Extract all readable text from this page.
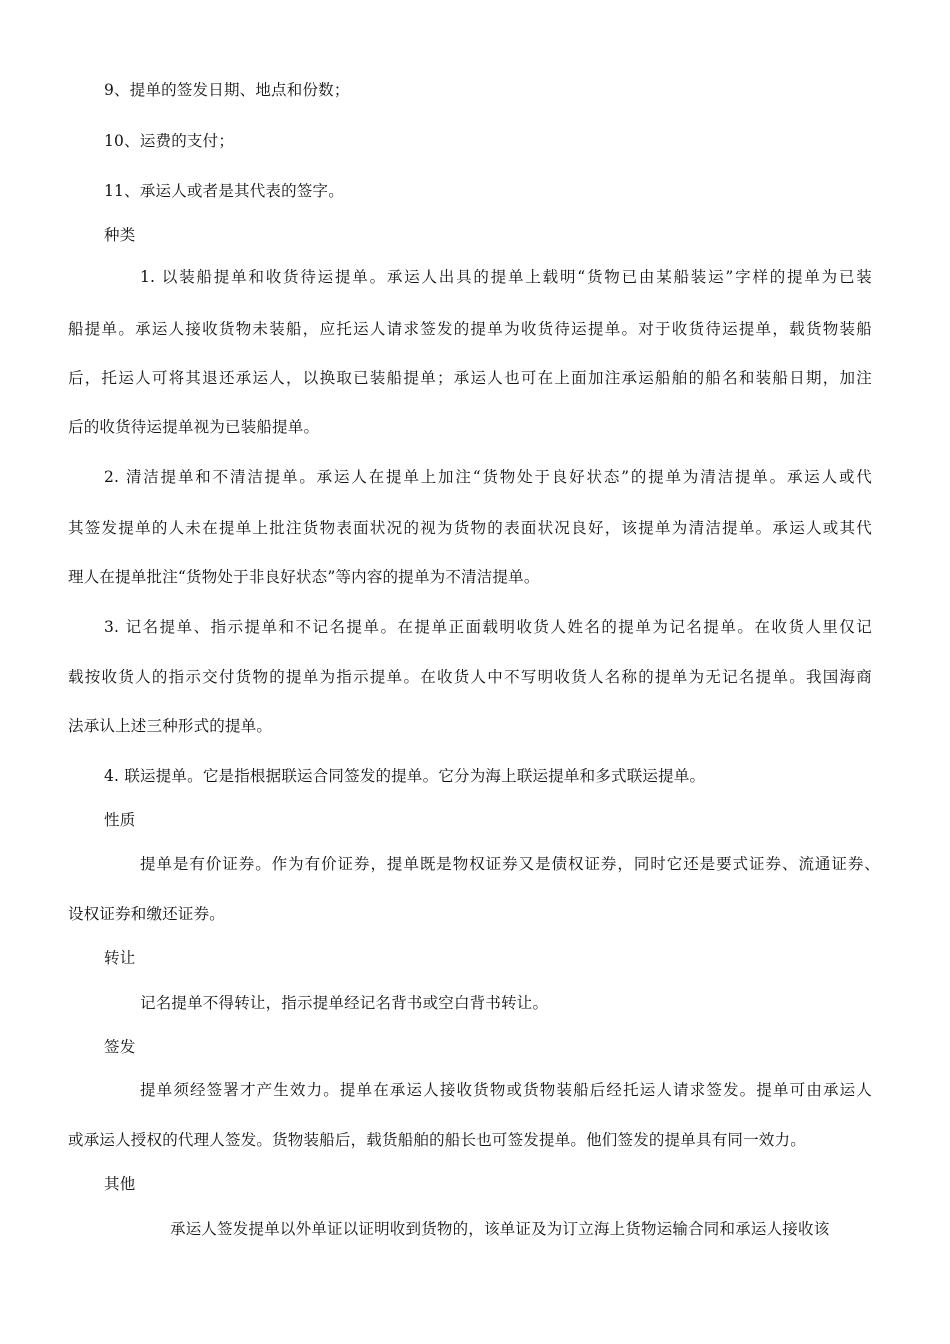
9、提单的签发日期、地点和份数；
10、运费的支付；
11、承运人或者是其代表的签字。
种类
1. 以装船提单和收货待运提单。承运人出具的提单上载明“货物已由某船装运”字样的提单为已装
船提单。承运人接收货物未装船，应托运人请求签发的提单为收货待运提单。对于收货待运提单，载货物装船
后，托运人可将其退还承运人，以换取已装船提单；承运人也可在上面加注承运船舶的船名和装船日期，加注
后的收货待运提单视为已装船提单。
2. 清洁提单和不清洁提单。承运人在提单上加注“货物处于良好状态”的提单为清洁提单。承运人或代
其签发提单的人未在提单上批注货物表面状况的视为货物的表面状况良好，该提单为清洁提单。承运人或其代
理人在提单批注“货物处于非良好状态”等内容的提单为不清洁提单。
3. 记名提单、指示提单和不记名提单。在提单正面载明收货人姓名的提单为记名提单。在收货人里仅记
载按收货人的指示交付货物的提单为指示提单。在收货人中不写明收货人名称的提单为无记名提单。我国海商
法承认上述三种形式的提单。
4. 联运提单。它是指根据联运合同签发的提单。它分为海上联运提单和多式联运提单。
性质
提单是有价证券。作为有价证券，提单既是物权证券又是债权证券，同时它还是要式证券、流通证券、
设权证券和缴还证券。
转让
记名提单不得转让，指示提单经记名背书或空白背书转让。
签发
提单须经签署才产生效力。提单在承运人接收货物或货物装船后经托运人请求签发。提单可由承运人
或承运人授权的代理人签发。货物装船后，载货船舶的船长也可签发提单。他们签发的提单具有同一效力。
其他
承运人签发提单以外单证以证明收到货物的，该单证及为订立海上货物运输合同和承运人接收该
